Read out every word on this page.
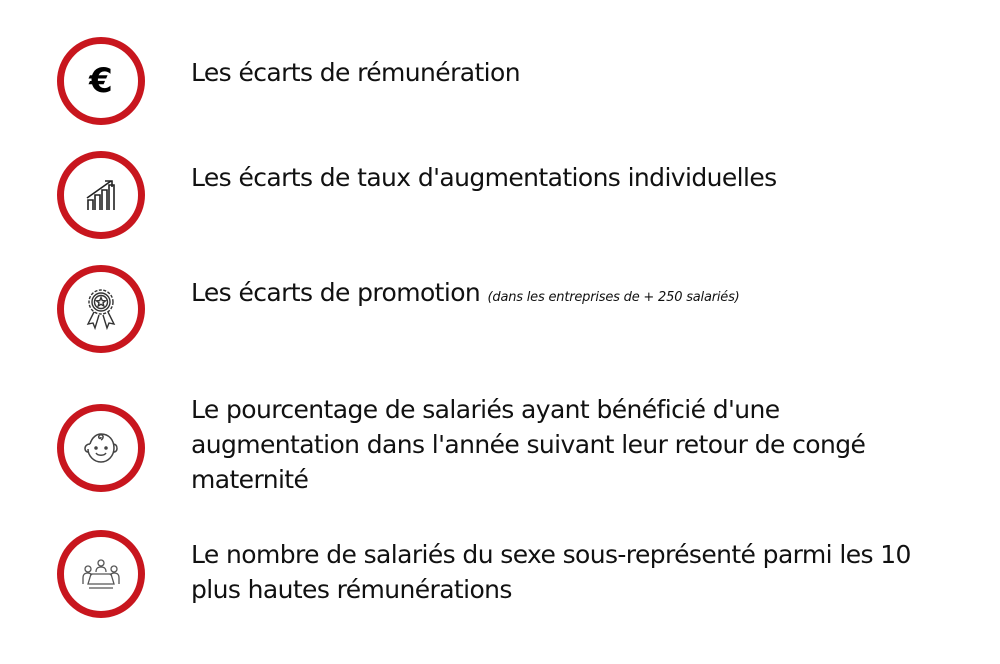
€	Les écarts de rémunération
Les écarts de taux d'augmentations individuelles
Les écarts de promotion (dans les entreprises de + 250 salariés)
Le pourcentage de salariés ayant bénéficié d'une
augmentation dans l'année suivant leur retour de congé
maternité
Le nombre de salariés du sexe sous-représenté parmi les 10
plus hautes rémunérations
